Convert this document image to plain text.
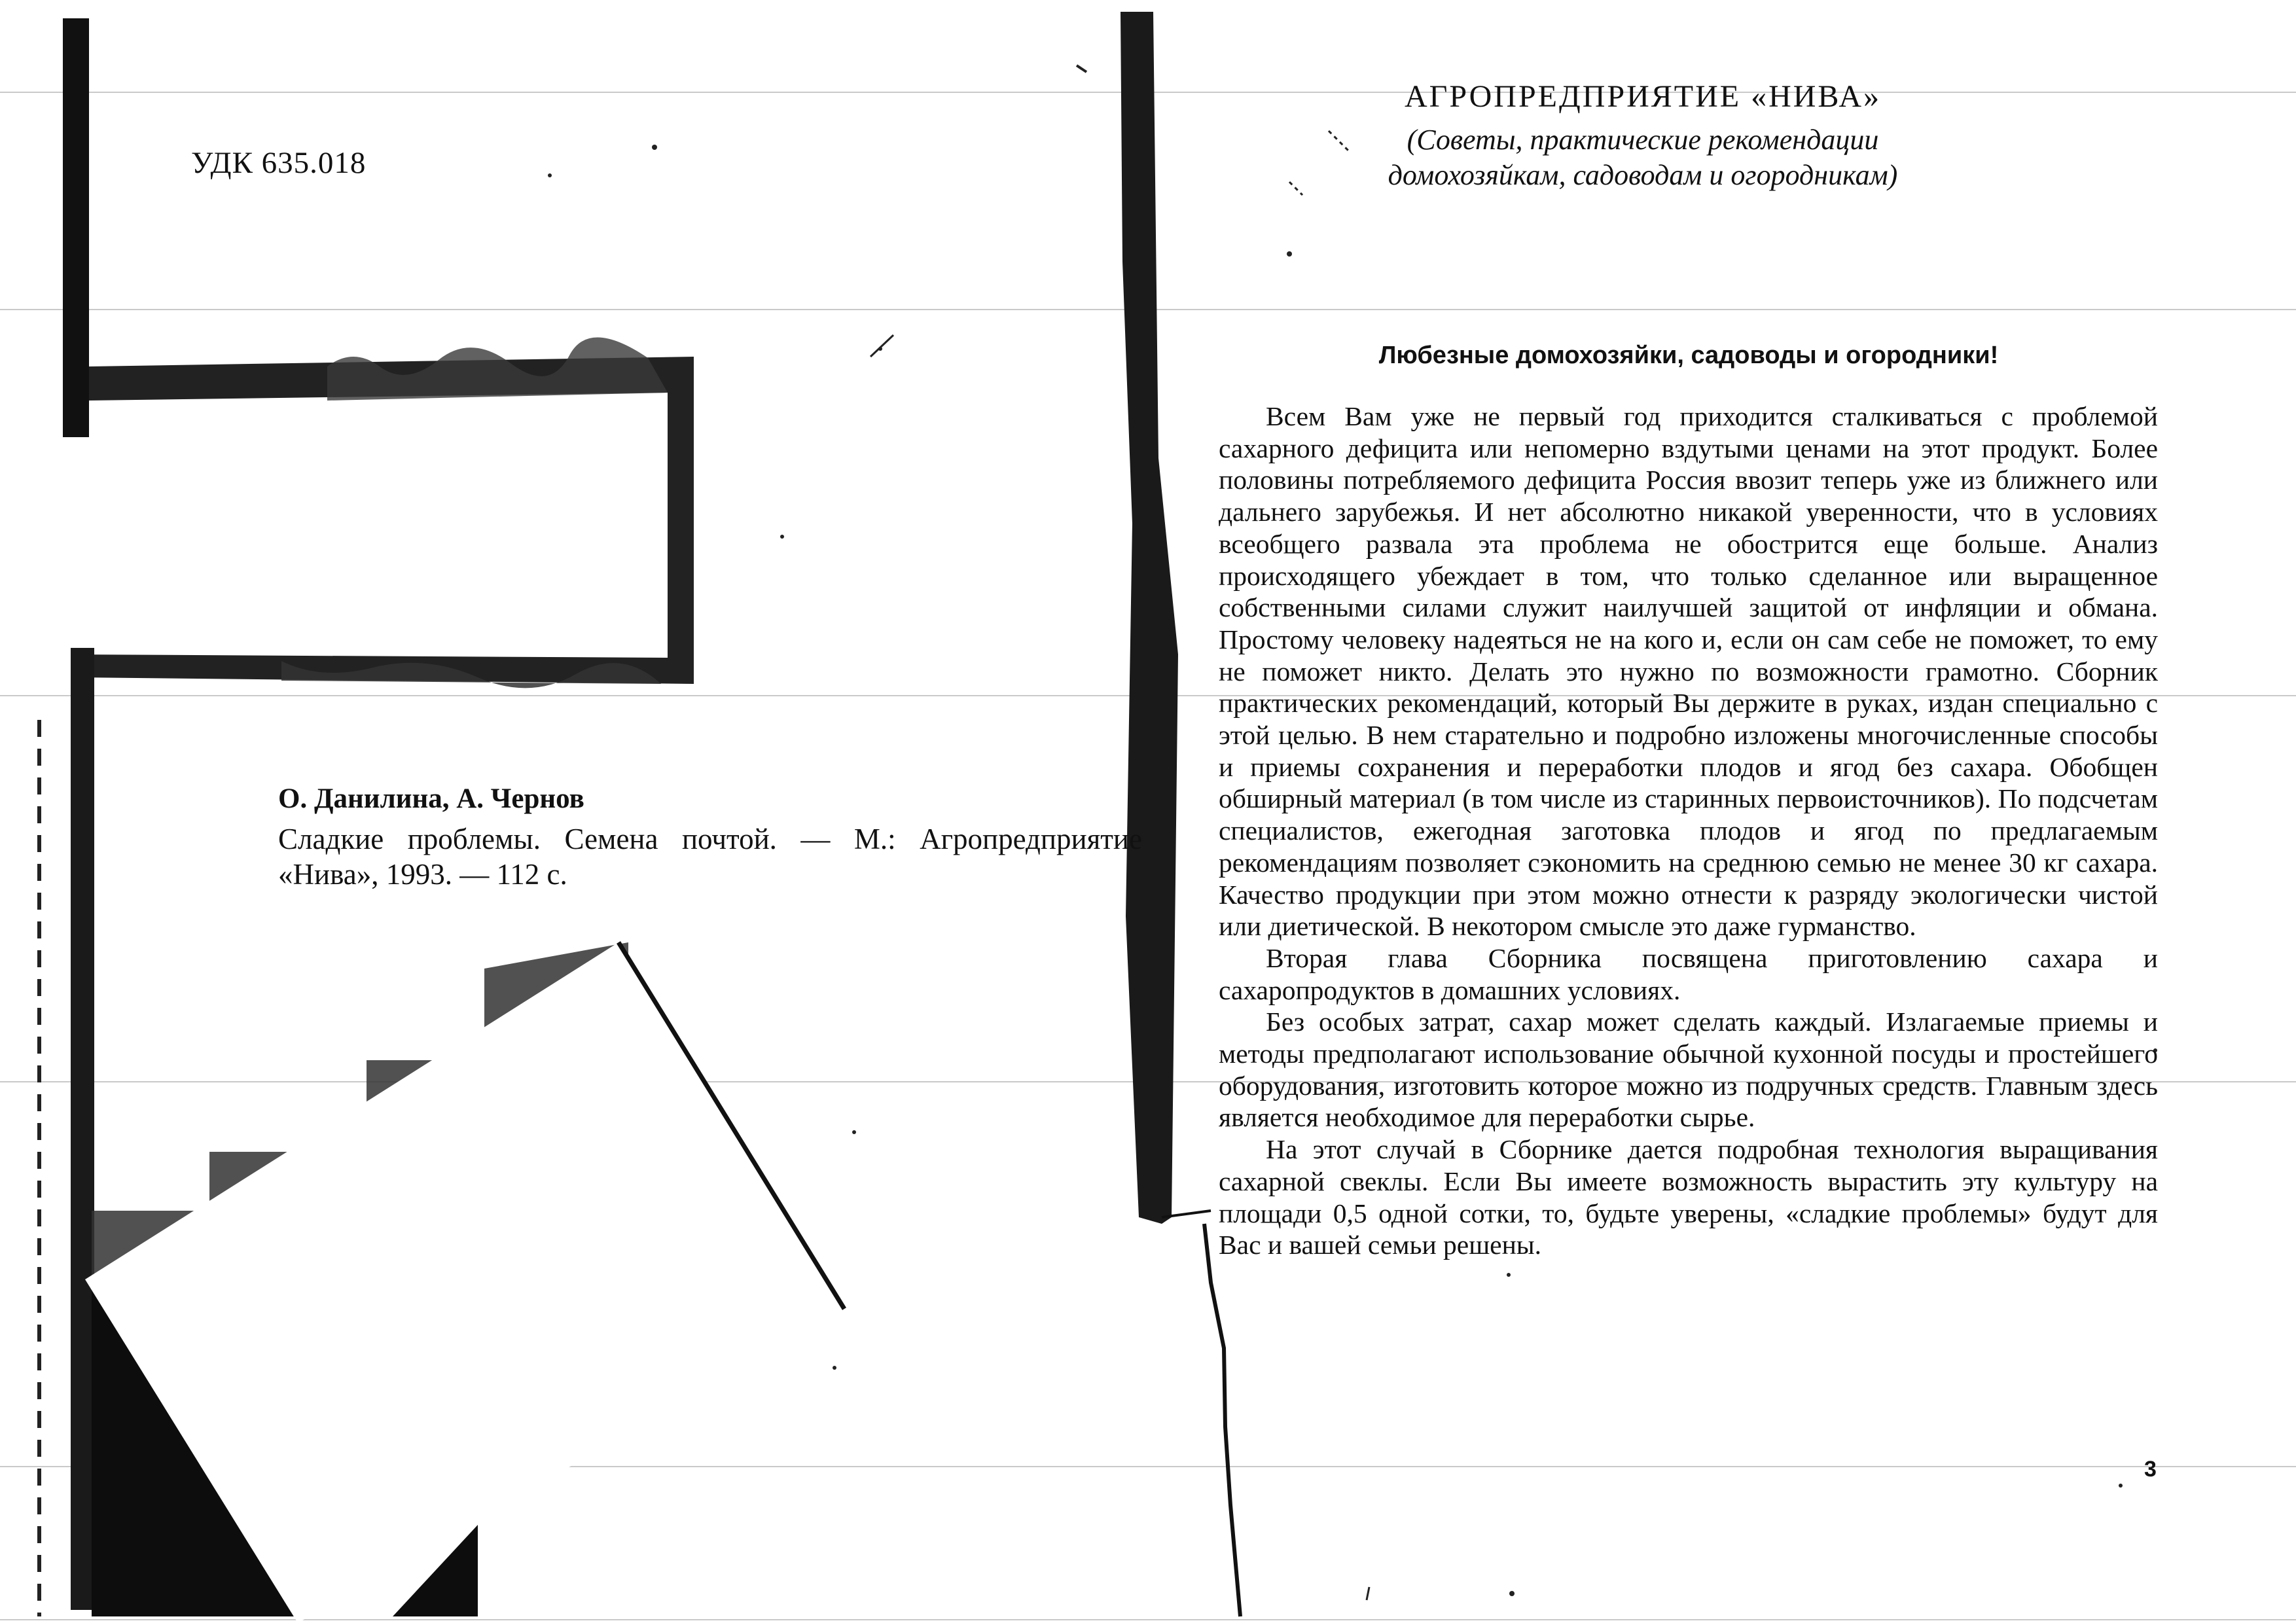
УДК 635.018
О. Данилина, А. Чернов

Сладкие проблемы. Семена почтой. — М.: Агропредприятие

«Нива», 1993. — 112 с.

АГРОПРЕДПРИЯТИЕ «НИВА»
(Советы, практические рекомендации
домохозяйкам, садоводам и огородникам)
Любезные домохозяйки, садоводы и огородники!

Всем Вам уже не первый год приходится сталкиваться с проблемой сахарного дефицита или непомерно вздутыми ценами на этот продукт. Более половины потребляемого дефицита Россия ввозит теперь уже из ближнего или дальнего зарубежья. И нет абсолютно никакой уверенности, что в условиях всеобщего развала эта проблема не обострится еще больше. Анализ происходящего убеждает в том, что только сделанное или выращенное собственными силами служит наилучшей защитой от инфляции и обмана. Простому человеку надеяться не на кого и, если он сам себе не поможет, то ему не поможет никто. Делать это нужно по возможности грамотно. Сборник практических рекомендаций, который Вы держите в руках, издан специально с этой целью. В нем старательно и подробно изложены многочисленные способы и приемы сохранения и переработки плодов и ягод без сахара. Обобщен обширный материал (в том числе из старинных первоисточников). По подсчетам специалистов, ежегодная заготовка плодов и ягод по предлагаемым рекомендациям позволяет сэкономить на среднюю семью не менее 30 кг сахара. Качество продукции при этом можно отнести к разряду экологически чистой или диетической. В некотором смысле это даже гурманство.

Вторая глава Сборника посвящена приготовлению сахара и сахаропродуктов в домашних условиях.

Без особых затрат, сахар может сделать каждый. Излагаемые приемы и методы предполагают использование обычной кухонной посуды и простейшего оборудования, изготовить которое можно из подручных средств. Главным здесь является необходимое для переработки сырье.

На этот случай в Сборнике дается подробная технология выращивания сахарной свеклы. Если Вы имеете возможность вырастить эту культуру на площади 0,5 одной сотки, то, будьте уверены, «сладкие проблемы» будут для Вас и вашей семьи решены.

3
